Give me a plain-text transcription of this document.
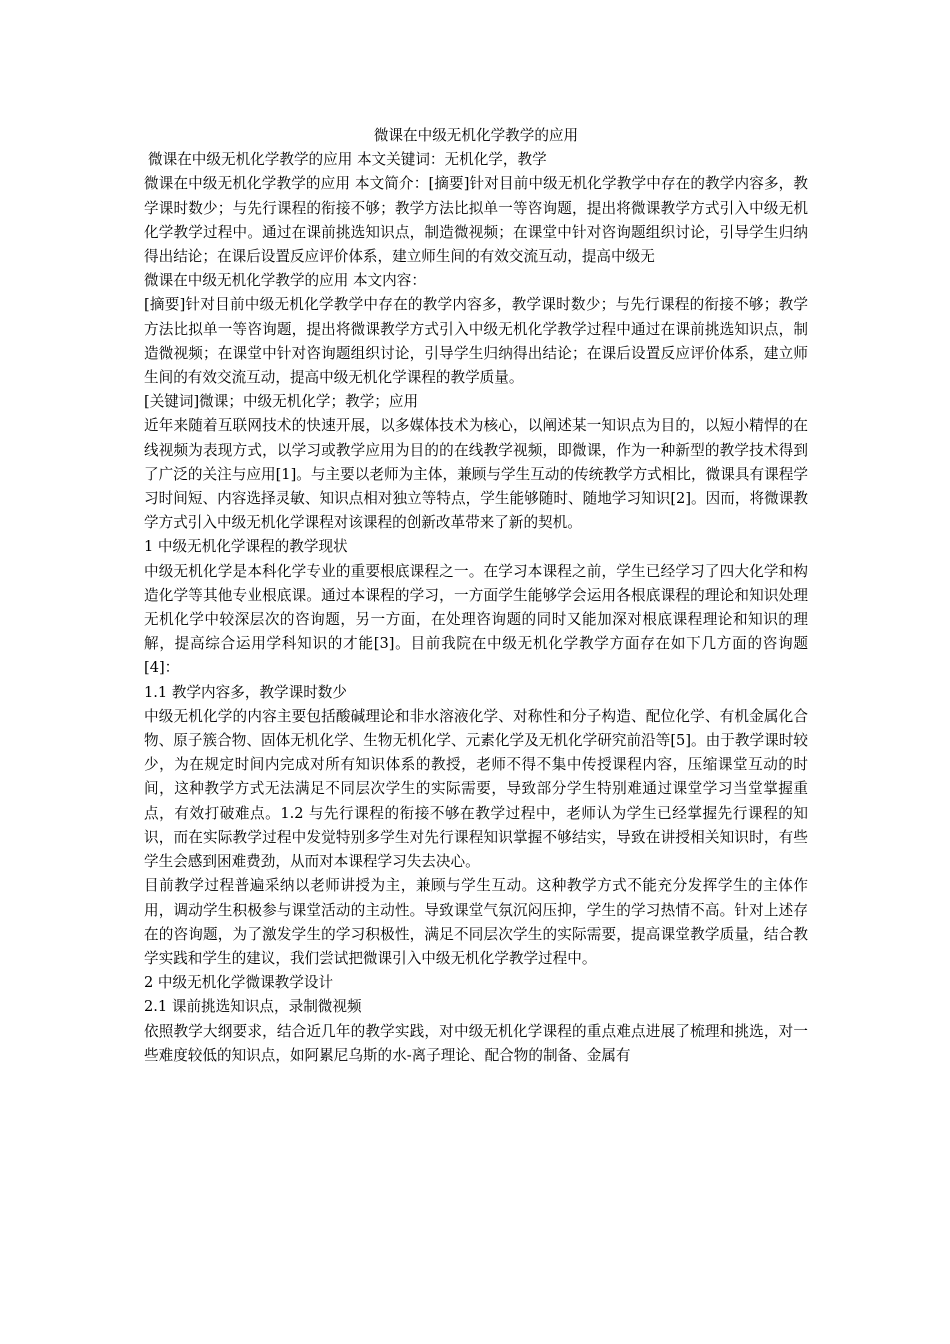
微课在中级无机化学教学的应用

微课在中级无机化学教学的应用 本文关键词：无机化学，教学

微课在中级无机化学教学的应用 本文简介：[摘要]针对目前中级无机化学教学中存在的教学内容多，教学课时数少；与先行课程的衔接不够；教学方法比拟单一等咨询题，提出将微课教学方式引入中级无机化学教学过程中。通过在课前挑选知识点，制造微视频；在课堂中针对咨询题组织讨论，引导学生归纳得出结论；在课后设置反应评价体系，建立师生间的有效交流互动，提高中级无

微课在中级无机化学教学的应用 本文内容：

[摘要]针对目前中级无机化学教学中存在的教学内容多，教学课时数少；与先行课程的衔接不够；教学方法比拟单一等咨询题，提出将微课教学方式引入中级无机化学教学过程中通过在课前挑选知识点，制造微视频；在课堂中针对咨询题组织讨论，引导学生归纳得出结论；在课后设置反应评价体系，建立师生间的有效交流互动，提高中级无机化学课程的教学质量。

[关键词]微课；中级无机化学；教学；应用

近年来随着互联网技术的快速开展，以多媒体技术为核心，以阐述某一知识点为目的，以短小精悍的在线视频为表现方式，以学习或教学应用为目的的在线教学视频，即微课，作为一种新型的教学技术得到了广泛的关注与应用[1]。与主要以老师为主体，兼顾与学生互动的传统教学方式相比，微课具有课程学习时间短、内容选择灵敏、知识点相对独立等特点，学生能够随时、随地学习知识[2]。因而，将微课教学方式引入中级无机化学课程对该课程的创新改革带来了新的契机。

1 中级无机化学课程的教学现状

中级无机化学是本科化学专业的重要根底课程之一。在学习本课程之前，学生已经学习了四大化学和构造化学等其他专业根底课。通过本课程的学习，一方面学生能够学会运用各根底课程的理论和知识处理无机化学中较深层次的咨询题，另一方面，在处理咨询题的同时又能加深对根底课程理论和知识的理解，提高综合运用学科知识的才能[3]。目前我院在中级无机化学教学方面存在如下几方面的咨询题[4]：

1.1 教学内容多，教学课时数少

中级无机化学的内容主要包括酸碱理论和非水溶液化学、对称性和分子构造、配位化学、有机金属化合物、原子簇合物、固体无机化学、生物无机化学、元素化学及无机化学研究前沿等[5]。由于教学课时较少，为在规定时间内完成对所有知识体系的教授，老师不得不集中传授课程内容，压缩课堂互动的时间，这种教学方式无法满足不同层次学生的实际需要，导致部分学生特别难通过课堂学习当堂掌握重点，有效打破难点。1.2 与先行课程的衔接不够在教学过程中，老师认为学生已经掌握先行课程的知识，而在实际教学过程中发觉特别多学生对先行课程知识掌握不够结实，导致在讲授相关知识时，有些学生会感到困难费劲，从而对本课程学习失去决心。

目前教学过程普遍采纳以老师讲授为主，兼顾与学生互动。这种教学方式不能充分发挥学生的主体作用，调动学生积极参与课堂活动的主动性。导致课堂气氛沉闷压抑，学生的学习热情不高。针对上述存在的咨询题，为了激发学生的学习积极性，满足不同层次学生的实际需要，提高课堂教学质量，结合教学实践和学生的建议，我们尝试把微课引入中级无机化学教学过程中。

2 中级无机化学微课教学设计

2.1 课前挑选知识点，录制微视频

依照教学大纲要求，结合近几年的教学实践，对中级无机化学课程的重点难点进展了梳理和挑选，对一些难度较低的知识点，如阿累尼乌斯的水-离子理论、配合物的制备、金属有
